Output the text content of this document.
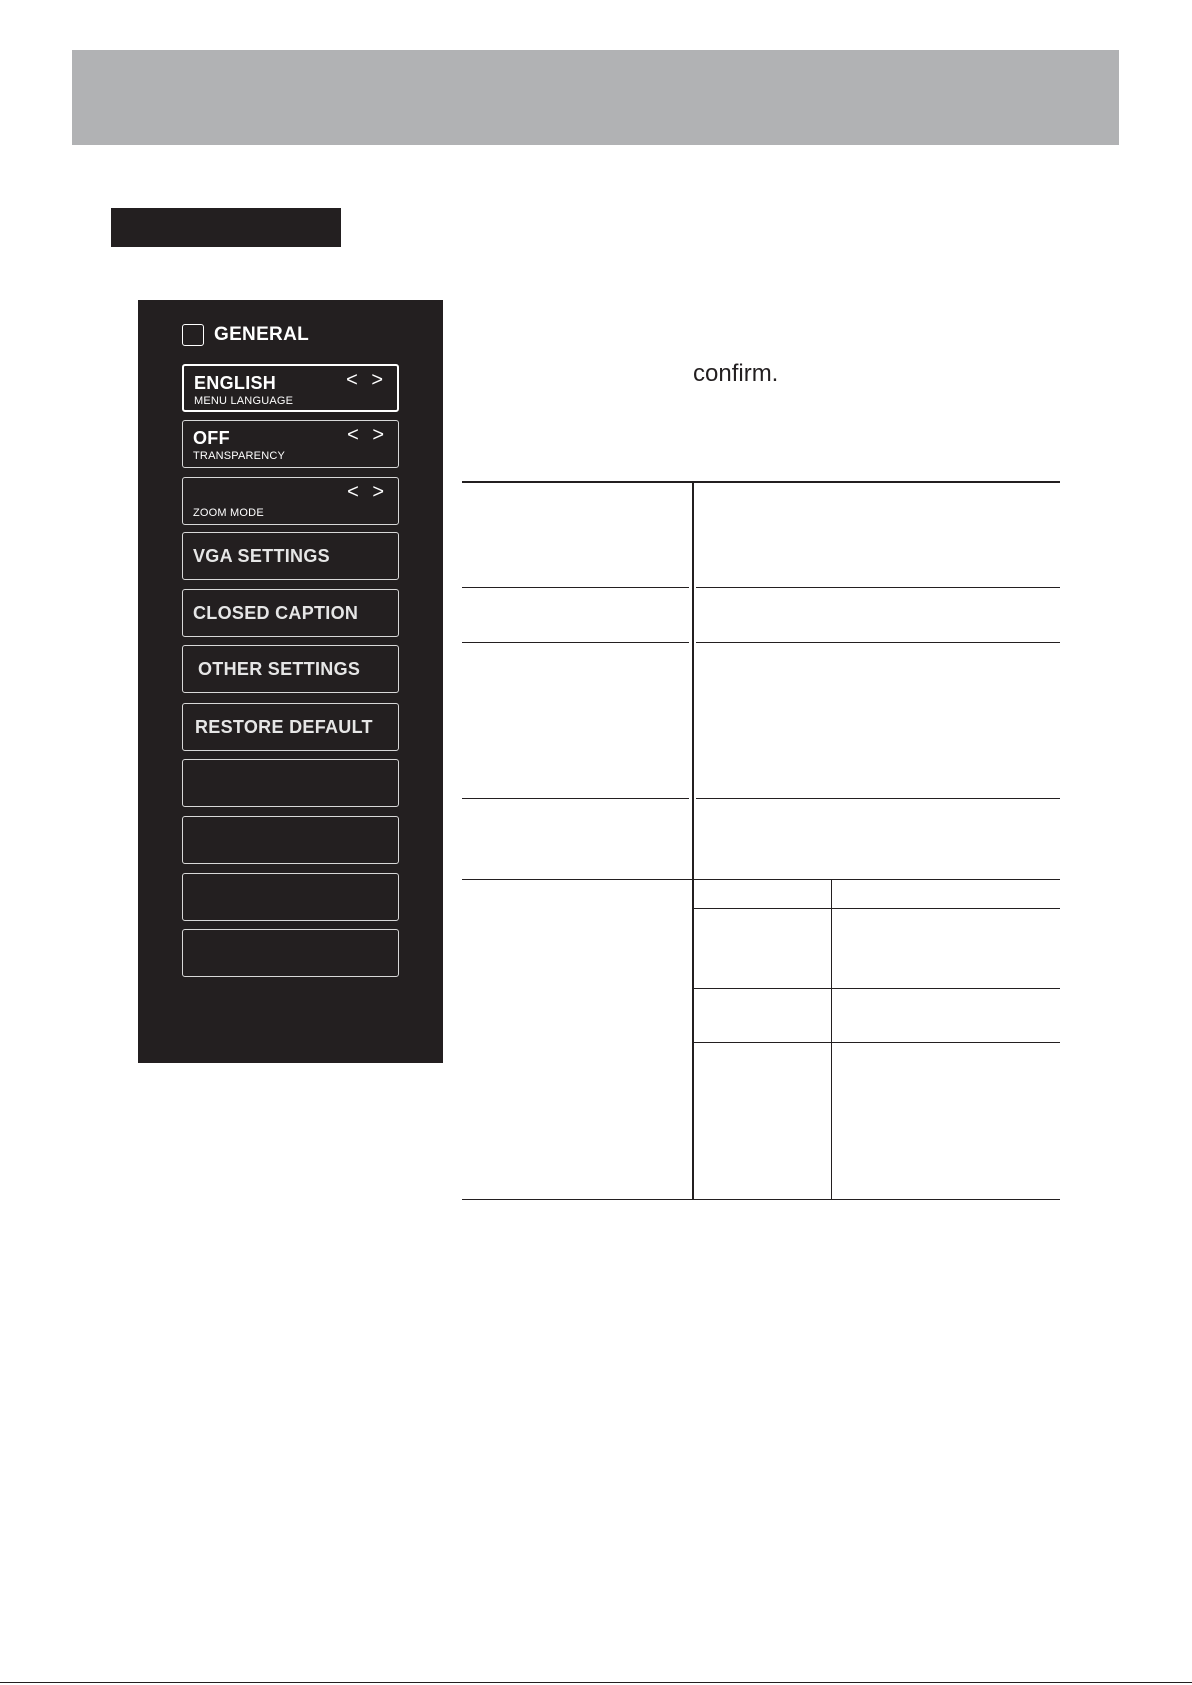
GENERAL
ENGLISH
MENU LANGUAGE
< >
OFF
TRANSPARENCY
< >
ZOOM MODE
< >
VGA SETTINGS
CLOSED CAPTION
OTHER SETTINGS
RESTORE DEFAULT
confirm.
